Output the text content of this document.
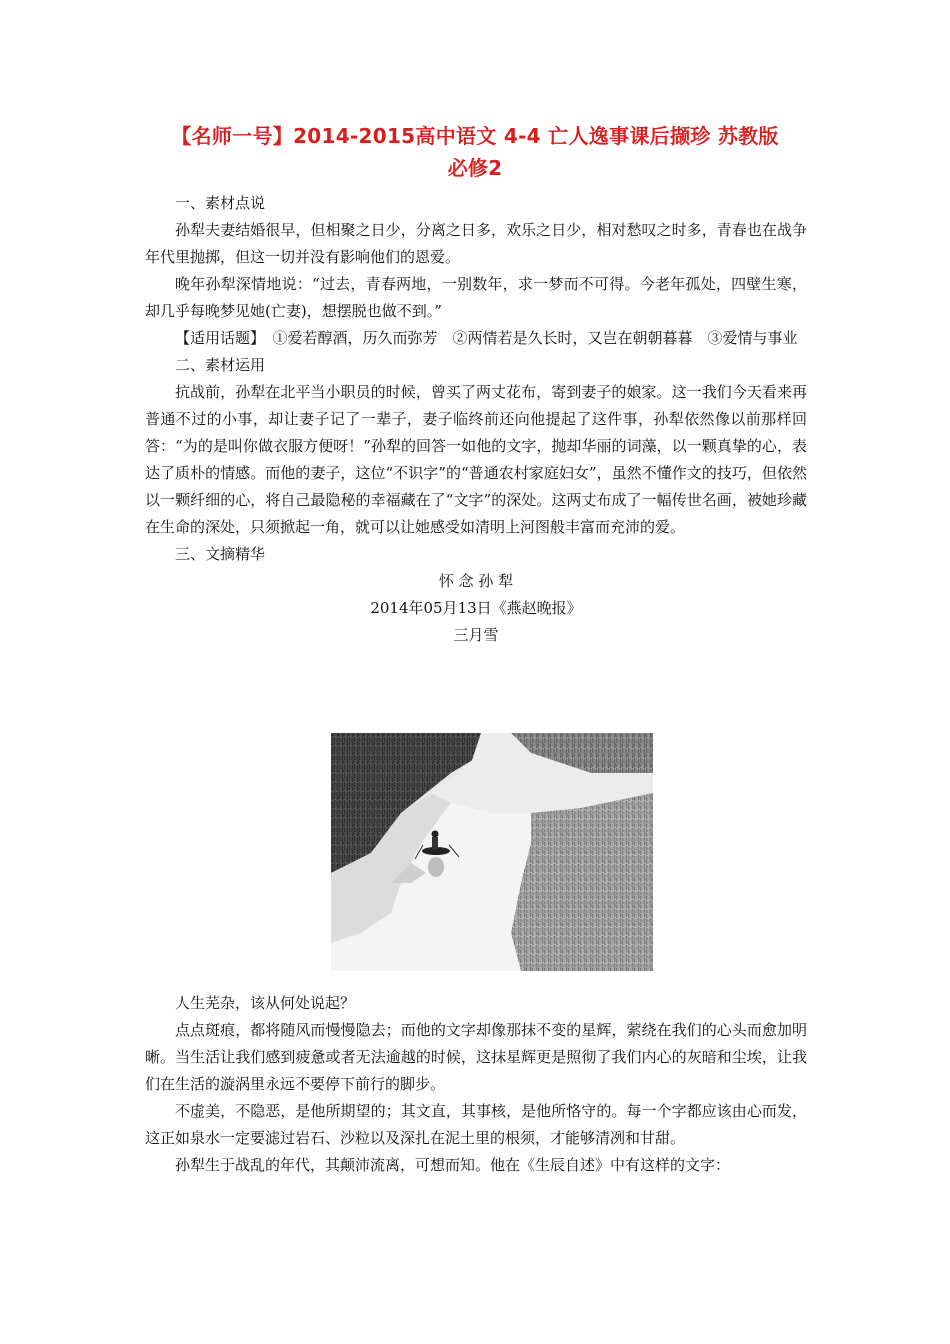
【名师一号】2014-2015高中语文 4-4 亡人逸事课后撷珍 苏教版
必修2

一、素材点说

孙犁夫妻结婚很早，但相聚之日少，分离之日多，欢乐之日少，相对愁叹之时多，青春也在战争年代里抛掷，但这一切并没有影响他们的恩爱。

晚年孙犁深情地说：“过去，青春两地，一别数年，求一梦而不可得。今老年孤处，四壁生寒，却几乎每晚梦见她(亡妻)，想摆脱也做不到。”

【适用话题】　①爱若醇酒，历久而弥芳　②两情若是久长时，又岂在朝朝暮暮　③爱情与事业

二、素材运用

抗战前，孙犁在北平当小职员的时候，曾买了两丈花布，寄到妻子的娘家。这一我们今天看来再普通不过的小事，却让妻子记了一辈子，妻子临终前还向他提起了这件事，孙犁依然像以前那样回答：“为的是叫你做衣服方便呀！”孙犁的回答一如他的文字，抛却华丽的词藻，以一颗真挚的心，表达了质朴的情感。而他的妻子，这位“不识字”的“普通农村家庭妇女”，虽然不懂作文的技巧，但依然以一颗纤细的心，将自己最隐秘的幸福藏在了“文字”的深处。这两丈布成了一幅传世名画，被她珍藏在生命的深处，只须掀起一角，就可以让她感受如清明上河图般丰富而充沛的爱。

三、文摘精华

怀 念 孙 犁

2014年05月13日《燕赵晚报》

三月雪

人生芜杂，该从何处说起？

点点斑痕，都将随风而慢慢隐去；而他的文字却像那抹不变的星辉，萦绕在我们的心头而愈加明晰。当生活让我们感到疲惫或者无法逾越的时候，这抹星辉更是照彻了我们内心的灰暗和尘埃，让我们在生活的漩涡里永远不要停下前行的脚步。

不虚美，不隐恶，是他所期望的；其文直，其事核，是他所恪守的。每一个字都应该由心而发，这正如泉水一定要滤过岩石、沙粒以及深扎在泥土里的根须，才能够清冽和甘甜。

孙犁生于战乱的年代，其颠沛流离，可想而知。他在《生辰自述》中有这样的文字：
